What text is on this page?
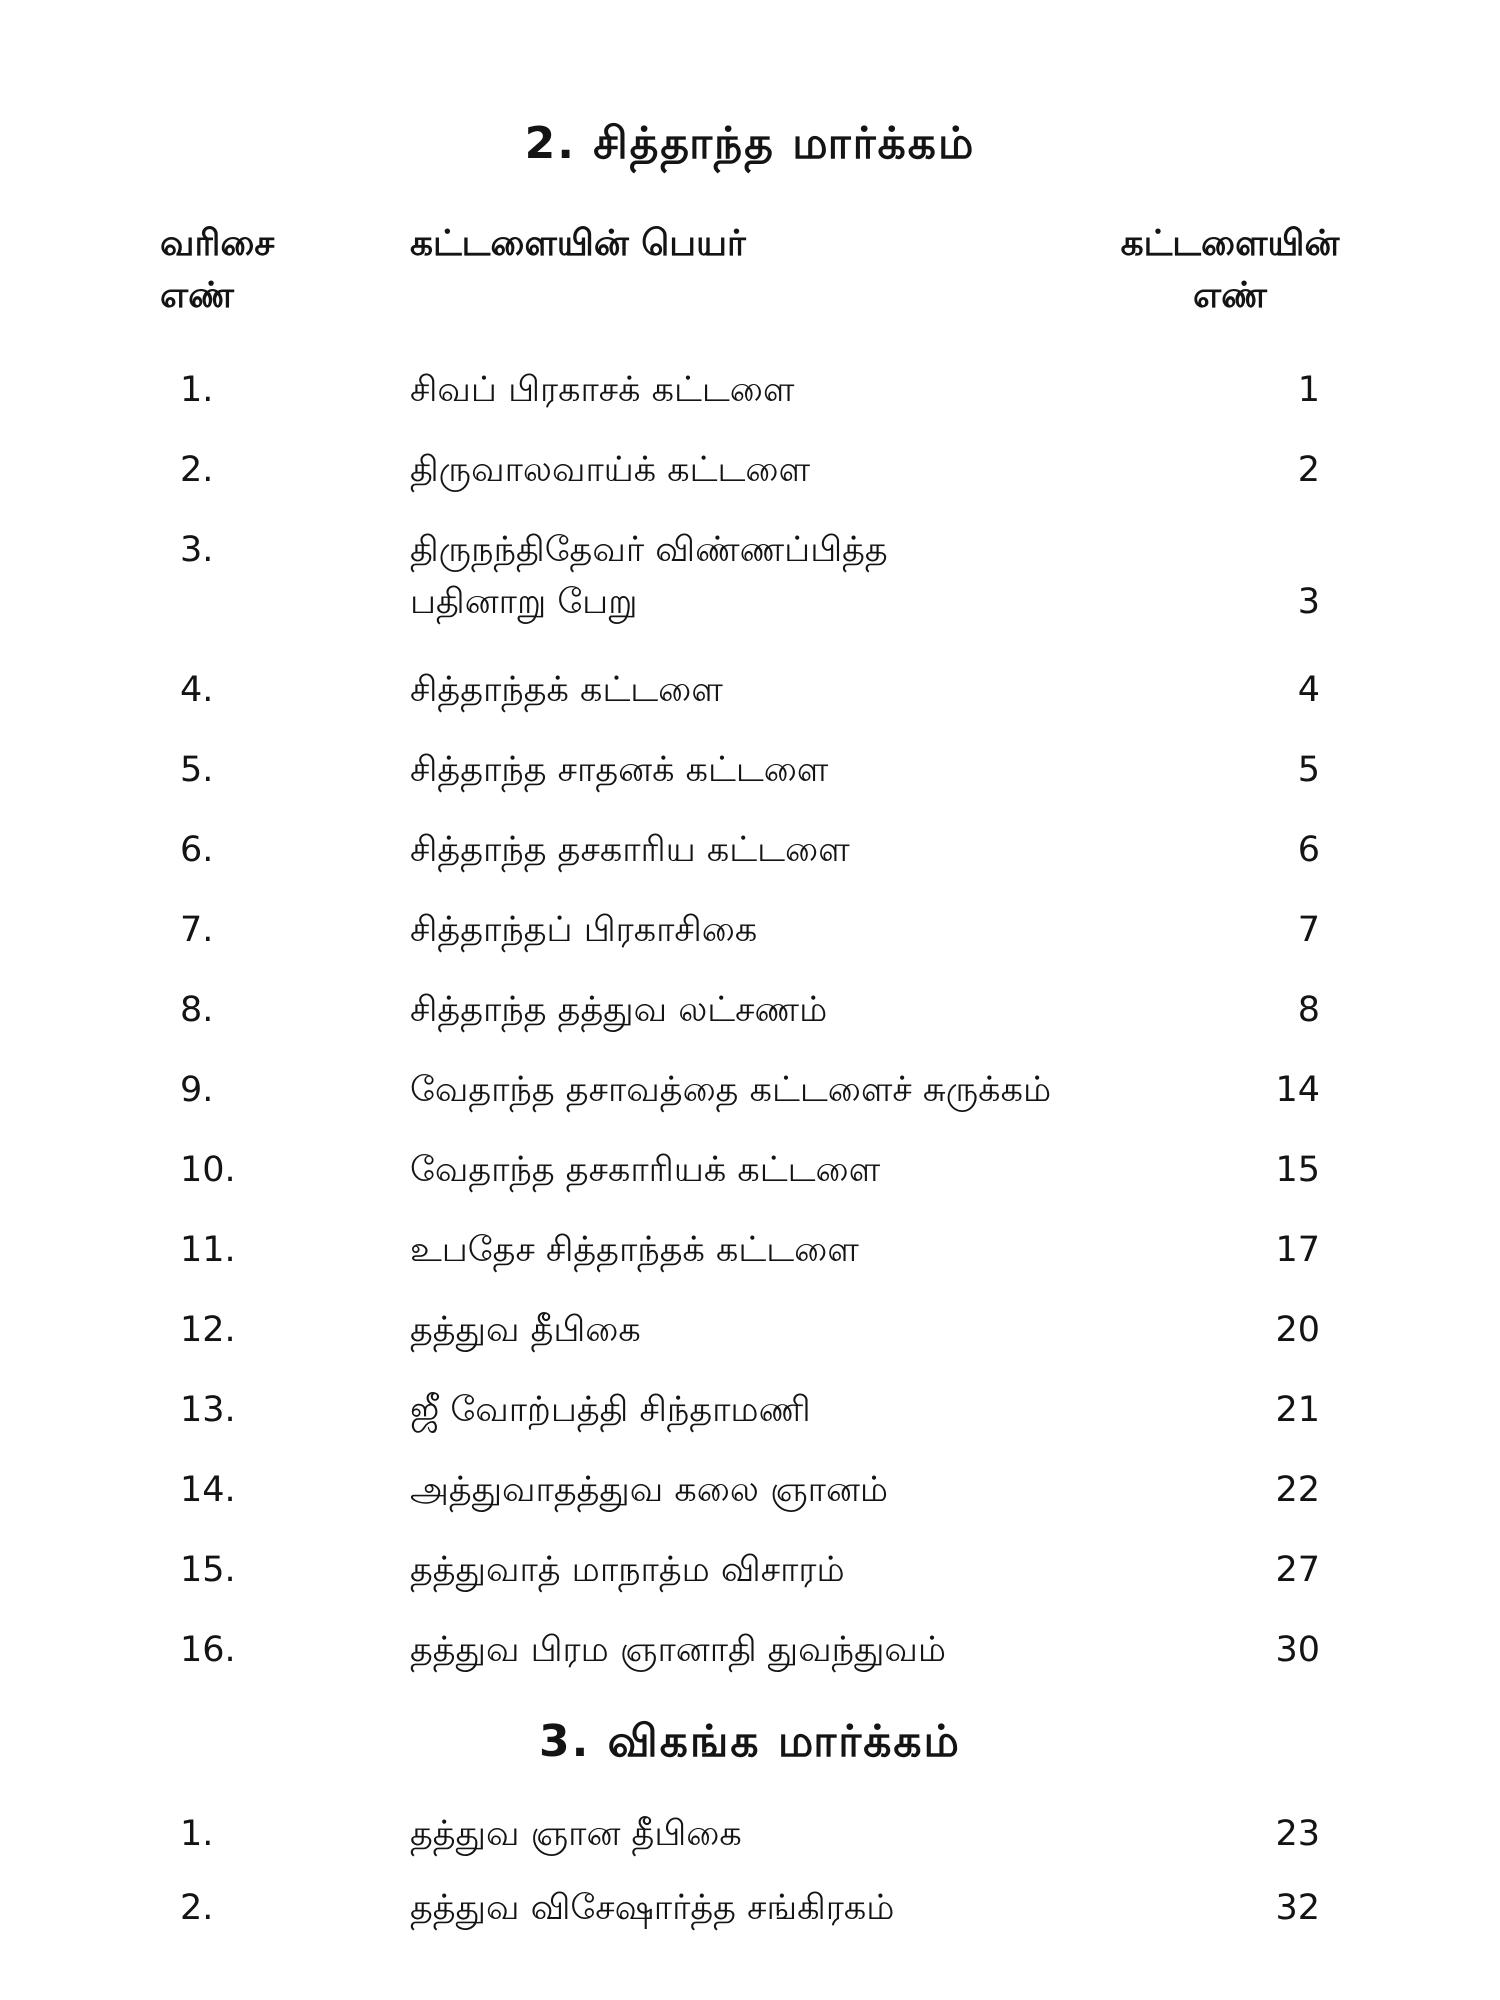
2. சித்தாந்த மார்க்கம்
வரிசை
எண்
கட்டளையின் பெயர்	கட்டளையின்
எண்
1.	சிவப் பிரகாசக் கட்டளை	1
2.	திருவாலவாய்க் கட்டளை	2
3.	திருநந்திதேவர் விண்ணப்பித்த
பதினாறு பேறு	3
4.	சித்தாந்தக் கட்டளை	4
5.	சித்தாந்த சாதனக் கட்டளை	5
6.	சித்தாந்த தசகாரிய கட்டளை	6
7.	சித்தாந்தப் பிரகாசிகை	7
8.	சித்தாந்த தத்துவ லட்சணம்	8
9.	வேதாந்த தசாவத்தை கட்டளைச் சுருக்கம்	14
10.	வேதாந்த தசகாரியக் கட்டளை	15
11.	உபதேச சித்தாந்தக் கட்டளை	17
12.	தத்துவ தீபிகை	20
13.	ஜீ வோற்பத்தி சிந்தாமணி	21
14.	அத்துவாதத்துவ கலை ஞானம்	22
15.	தத்துவாத் மாநாத்ம விசாரம்	27
16.	தத்துவ பிரம ஞானாதி துவந்துவம்	30
3. விகங்க மார்க்கம்
1.	தத்துவ ஞான தீபிகை	23
2.	தத்துவ விசேஷார்த்த சங்கிரகம்	32
